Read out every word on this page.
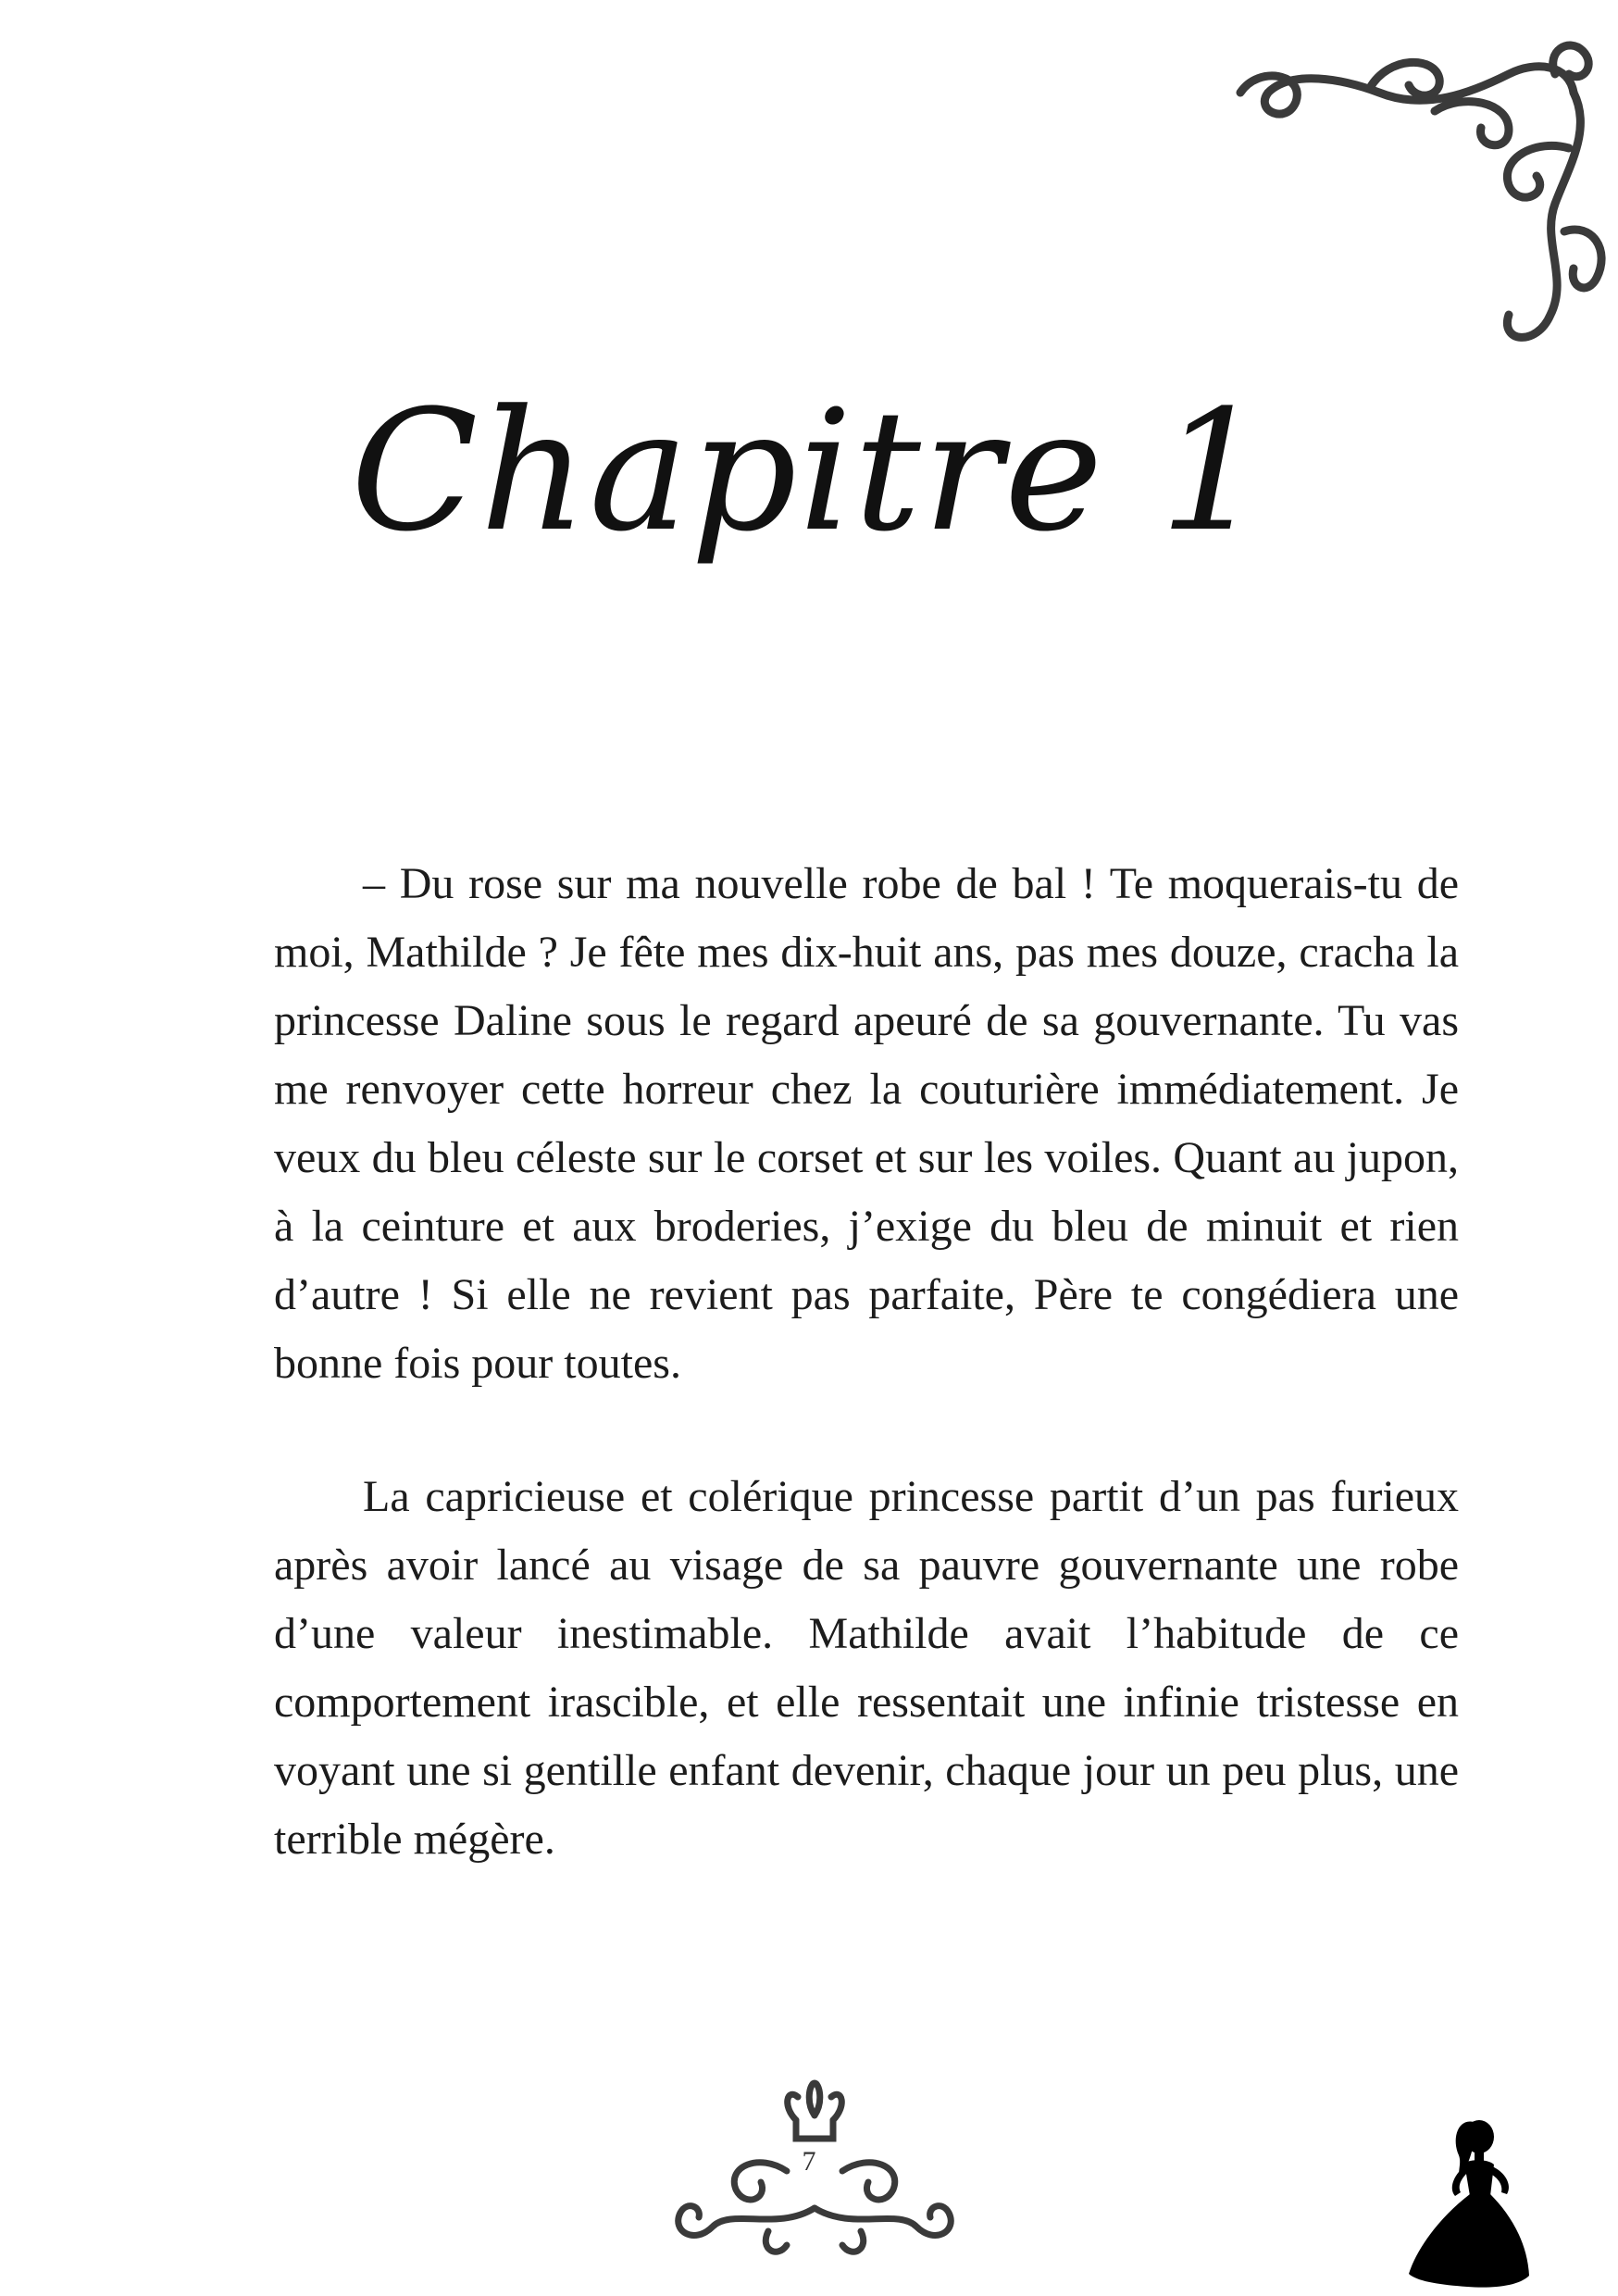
Chapitre 1

– Du rose sur ma nouvelle robe de bal ! Te moquerais-tu de moi, Mathilde ? Je fête mes dix-huit ans, pas mes douze, cracha la princesse Daline sous le regard apeuré de sa gouvernante. Tu vas me renvoyer cette horreur chez la couturière immédiatement. Je veux du bleu céleste sur le corset et sur les voiles. Quant au jupon, à la ceinture et aux broderies, j’exige du bleu de minuit et rien d’autre ! Si elle ne revient pas parfaite, Père te congédiera une bonne fois pour toutes.

La capricieuse et colérique princesse partit d’un pas furieux après avoir lancé au visage de sa pauvre gouvernante une robe d’une valeur inestimable. Mathilde avait l’habitude de ce comportement irascible, et elle ressentait une infinie tristesse en voyant une si gentille enfant devenir, chaque jour un peu plus, une terrible mégère.

7
